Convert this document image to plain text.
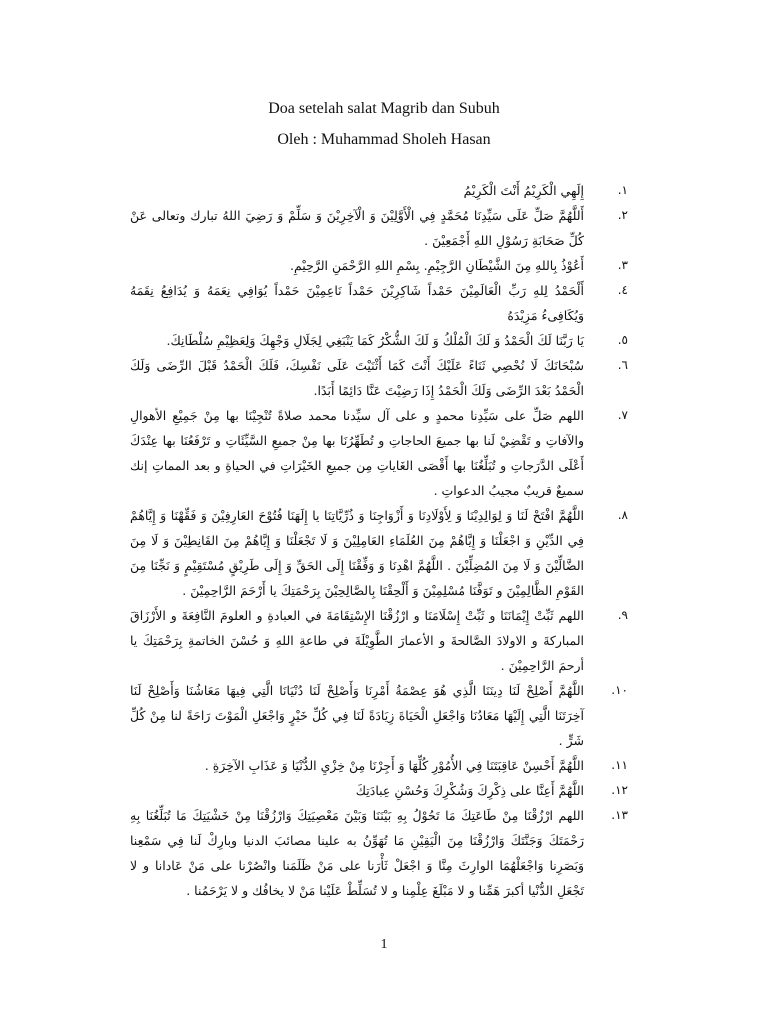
Doa setelah salat Magrib dan Subuh
Oleh : Muhammad Sholeh Hasan
١.
إِلَهِي الْكَرِيْمُ أَنْتَ الْكَرِيْمُ
٢.
أَللَّهُمَّ صَلِّ عَلَى سَيِّدِنَا مُحَمَّدٍ فِي الْأَوَّلِيْنَ وَ الْآخِرِيْنَ وَ سَلِّمْ وَ رَضِيَ اللهُ تبارك وتعالى عَنْ كُلِّ صَحَابَةِ رَسُوْلِ اللهِ أَجْمَعِيْنَ .
٣.
أَعُوْذُ بِاللهِ مِنَ الشَّيْطَانِ الرَّجِيْمِ. بِسْمِ اللهِ الرَّحْمَنِ الرَّحِيْمِ.
٤.
أَلْحَمْدُ لِلهِ رَبِّ الْعَالَمِيْنَ حَمْداً شَاكِرِيْنَ حَمْداً نَاعِمِيْنَ حَمْداً يُوَافِي نِعَمَهُ وَ يُدَافِعُ نِقَمَهُ وَيُكَافِىءُ مَزِيْدَهُ
٥.
يَا رَبَّنَا لَكَ الْحَمْدُ وَ لَكَ الْمُلْكُ وَ لَكَ الشُّكْرُ كَمَا يَنْبَغِي لِجَلَالِ وَجْهِكَ وَلِعَظِيْمِ سُلْطَانِكَ.
٦.
سُبْحَانَكَ لَا نُحْصِي ثَنَاءً عَلَيْكَ أَنْتَ كَمَا أَثْنَيْتَ عَلَى نَفْسِكَ، فَلَكَ الْحَمْدُ قَبْلَ الرِّضَى وَلَكَ الْحَمْدُ بَعْدَ الرِّضَى وَلَكَ الْحَمْدُ إِذَا رَضِيْتَ عَنَّا دَائِمًا أَبَدًا.
٧.
اللهم صَلِّ على سَيِّدِنا محمدٍ و على آل سيِّدنا محمد صلاةً تُنْجِيْنَا بها مِنْ جَمِيْعِ الأهوالِ والآفاتِ و تَقْضِيْ لَنا بها جميعَ الحاجاتِ و تُطَهِّرُنَا بها مِنْ جميعِ السَّيِّئَاتِ و تَرْفَعُنَا بها عِنْدَكَ أَعْلَى الدَّرَجاتِ و تُبَلِّغُنَا بها أَقْصَى الغَاياتِ مِن جميعِ الخَيْرَاتِ في الحياةِ و بعد المماتِ إنك سميعٌ قريبٌ مجيبُ الدعواتِ .
٨.
اللَّهُمَّ افْتَحْ لَنَا وَ لِوَالِدِيْنَا وَ لِأَوْلَادِنَا وَ أَزْوَاجِنَا وَ ذُرِّيَّاتِنَا يا إِلَهَنَا فُتُوْحَ العَارِفِيْنَ وَ فَقِّهْنَا وَ إِيَّاهُمْ فِي الدِّيْنِ وَ اجْعَلْنَا وَ إِيَّاهُمْ مِنَ العُلَمَاءِ العَامِلِيْنَ وَ لَا تَجْعَلْنَا وَ إِيَّاهُمْ مِنَ القَانِطِيْنَ وَ لَا مِنَ الضَّالِّيْنَ وَ لَا مِنَ المُضِلِّيْنَ . اللَّهُمَّ اهْدِنَا وَ وَفِّقْنَا إِلَى الحَقِّ وَ إِلَى طَرِيْقٍ مُسْتَقِيْمٍ وَ نَجِّنَا مِنَ القَوْمِ الظَّالِمِيْنَ و تَوَفَّنَا مُسْلِمِيْنَ وَ أَلْحِقْنَا بِالصَّالِحِيْنَ بِرَحْمَتِكَ يا أَرْحَمَ الرَّاحِمِيْنَ .
٩.
اللهم ثَبِّتْ إِيْمَانَنَا و ثَبِّتْ إِسْلَامَنَا و ارْزُقْنَا الإِسْتِقَامَةَ في العبادةِ و العلومَ النَّافِعَةَ و الأَرْزَاقَ المباركةَ و الاولادَ الصَّالحةَ و الأعمارَ الطَّوِيْلَةَ في طاعةِ اللهِ وَ حُسْنَ الخاتمةِ بِرَحْمَتِكَ يا أرحمَ الرَّاحِمِيْنَ .
١٠.
اللَّهُمَّ أَصْلِحْ لَنَا دِينَنَا الَّذِي هُوَ عِصْمَةُ أَمْرِنَا وَأَصْلِحْ لَنَا دُنْيَانَا الَّتِي فِيهَا مَعَاشُنَا وَأَصْلِحْ لَنَا آخِرَتَنَا الَّتِي إِلَيْهَا مَعَادُنَا وَاجْعَلِ الْحَيَاةَ زِيَادَةً لَنَا فِي كُلِّ خَيْرٍ وَاجْعَلِ الْمَوْتَ رَاحَةً لنا مِنْ كُلِّ شَرٍّ .
١١.
اللَّهُمَّ أَحْسِنْ عَاقِبَتَنَا فِي الأُمُوْرِ كُلِّهَا وَ أَجِرْنَا مِنْ خِزْيِ الدُّنْيَا وَ عَذَابِ الآخِرَةِ .
١٢.
اللَّهُمَّ أَعِنَّا على ذِكْرِكَ وَشُكْرِكَ وَحُسْنِ عِبادَتِكَ
١٣.
اللهم ارْزُقْنَا مِنْ طَاعَتِكَ مَا تَحُوْلُ بِهِ بَيْنَنَا وَبَيْنَ مَعْصِيَتِكَ وَارْزُقْنَا مِنْ خَشْيَتِكَ مَا تُبَلِّغُنَا بِهِ رَحْمَتَكَ وَجَنَّتَكَ وَارْزُقْنَا مِنَ الْيَقِيْنِ مَا تُهَوِّنُ به علينا مصائبَ الدنيا وبارِكْ لَنا فِي سَمْعِنا وَبَصَرِنا وَاجْعَلْهُمَا الوارِثَ مِنَّا وَ اجْعَلْ ثَأْرَنا على مَنْ ظَلَمَنا وانْصُرْنا على مَنْ عَادانا و لا تَجْعَلِ الدُّنْيا أكبرَ هَمِّنا و لا مَبْلَغَ عِلْمِنا و لا تُسَلِّطْ عَلَيْنا مَنْ لا يخافُك و لا يَرْحَمُنا .
1
